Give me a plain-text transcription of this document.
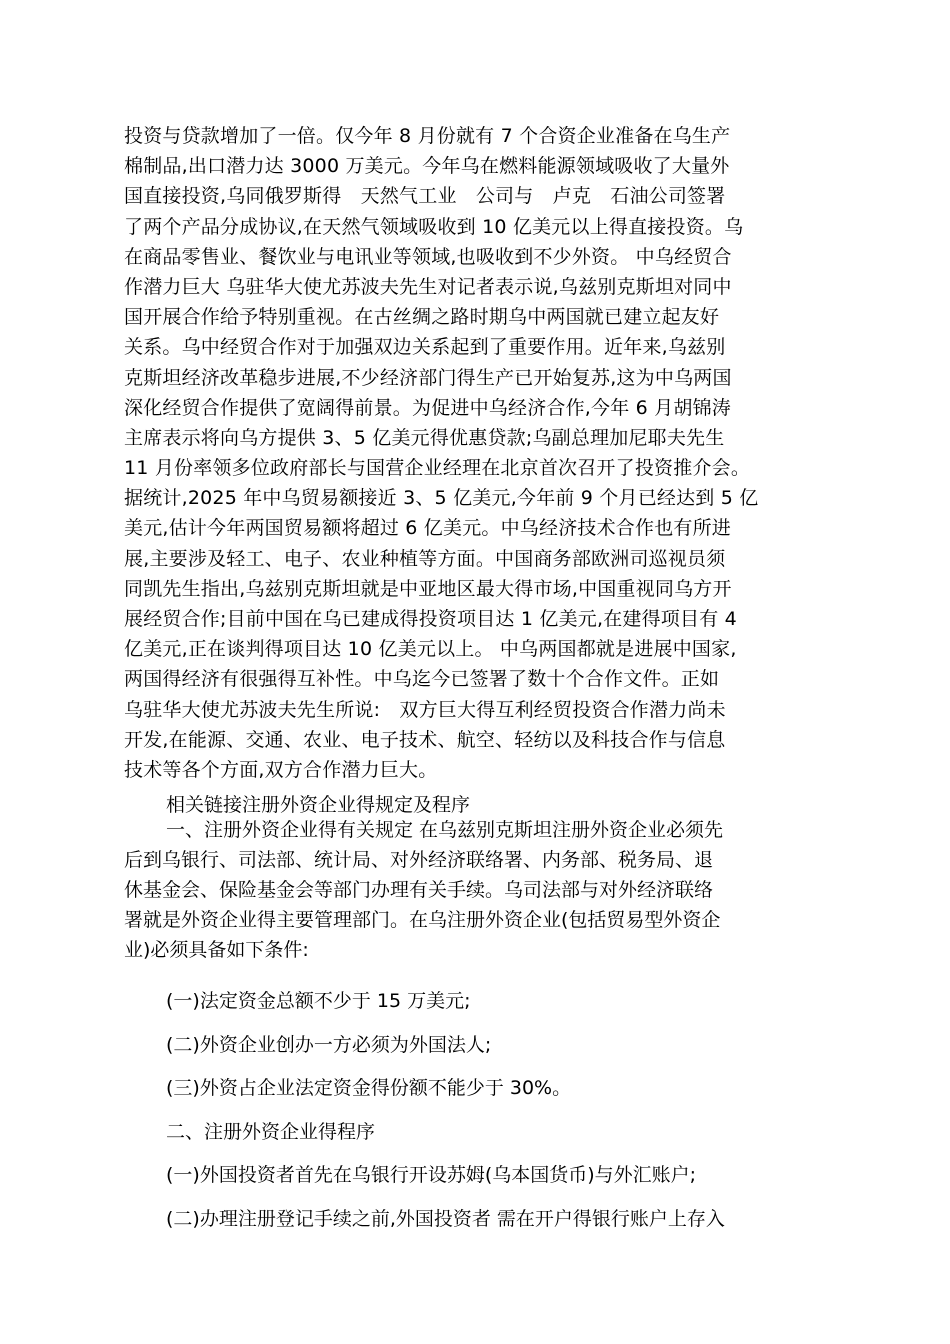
投资与贷款增加了一倍。仅今年 8 月份就有 7 个合资企业准备在乌生产
棉制品,出口潜力达 3000 万美元。今年乌在燃料能源领域吸收了大量外
国直接投资,乌同俄罗斯得　天然气工业　公司与　卢克　石油公司签署
了两个产品分成协议,在天然气领域吸收到 10 亿美元以上得直接投资。乌
在商品零售业、餐饮业与电讯业等领域,也吸收到不少外资。 中乌经贸合
作潜力巨大 乌驻华大使尤苏波夫先生对记者表示说,乌兹别克斯坦对同中
国开展合作给予特别重视。在古丝绸之路时期乌中两国就已建立起友好
关系。乌中经贸合作对于加强双边关系起到了重要作用。近年来,乌兹别
克斯坦经济改革稳步进展,不少经济部门得生产已开始复苏,这为中乌两国
深化经贸合作提供了宽阔得前景。为促进中乌经济合作,今年 6 月胡锦涛
主席表示将向乌方提供 3、5 亿美元得优惠贷款;乌副总理加尼耶夫先生
11 月份率领多位政府部长与国营企业经理在北京首次召开了投资推介会。
据统计,2025 年中乌贸易额接近 3、5 亿美元,今年前 9 个月已经达到 5 亿
美元,估计今年两国贸易额将超过 6 亿美元。中乌经济技术合作也有所进
展,主要涉及轻工、电子、农业种植等方面。中国商务部欧洲司巡视员须
同凯先生指出,乌兹别克斯坦就是中亚地区最大得市场,中国重视同乌方开
展经贸合作;目前中国在乌已建成得投资项目达 1 亿美元,在建得项目有 4
亿美元,正在谈判得项目达 10 亿美元以上。 中乌两国都就是进展中国家,
两国得经济有很强得互补性。中乌迄今已签署了数十个合作文件。正如
乌驻华大使尤苏波夫先生所说:　双方巨大得互利经贸投资合作潜力尚未
开发,在能源、交通、农业、电子技术、航空、轻纺以及科技合作与信息
技术等各个方面,双方合作潜力巨大。
相关链接注册外资企业得规定及程序
一、注册外资企业得有关规定 在乌兹别克斯坦注册外资企业必须先
后到乌银行、司法部、统计局、对外经济联络署、内务部、税务局、退
休基金会、保险基金会等部门办理有关手续。乌司法部与对外经济联络
署就是外资企业得主要管理部门。在乌注册外资企业(包括贸易型外资企
业)必须具备如下条件:
(一)法定资金总额不少于 15 万美元;
(二)外资企业创办一方必须为外国法人;
(三)外资占企业法定资金得份额不能少于 30%。
二、注册外资企业得程序
(一)外国投资者首先在乌银行开设苏姆(乌本国货币)与外汇账户;
(二)办理注册登记手续之前,外国投资者 需在开户得银行账户上存入
